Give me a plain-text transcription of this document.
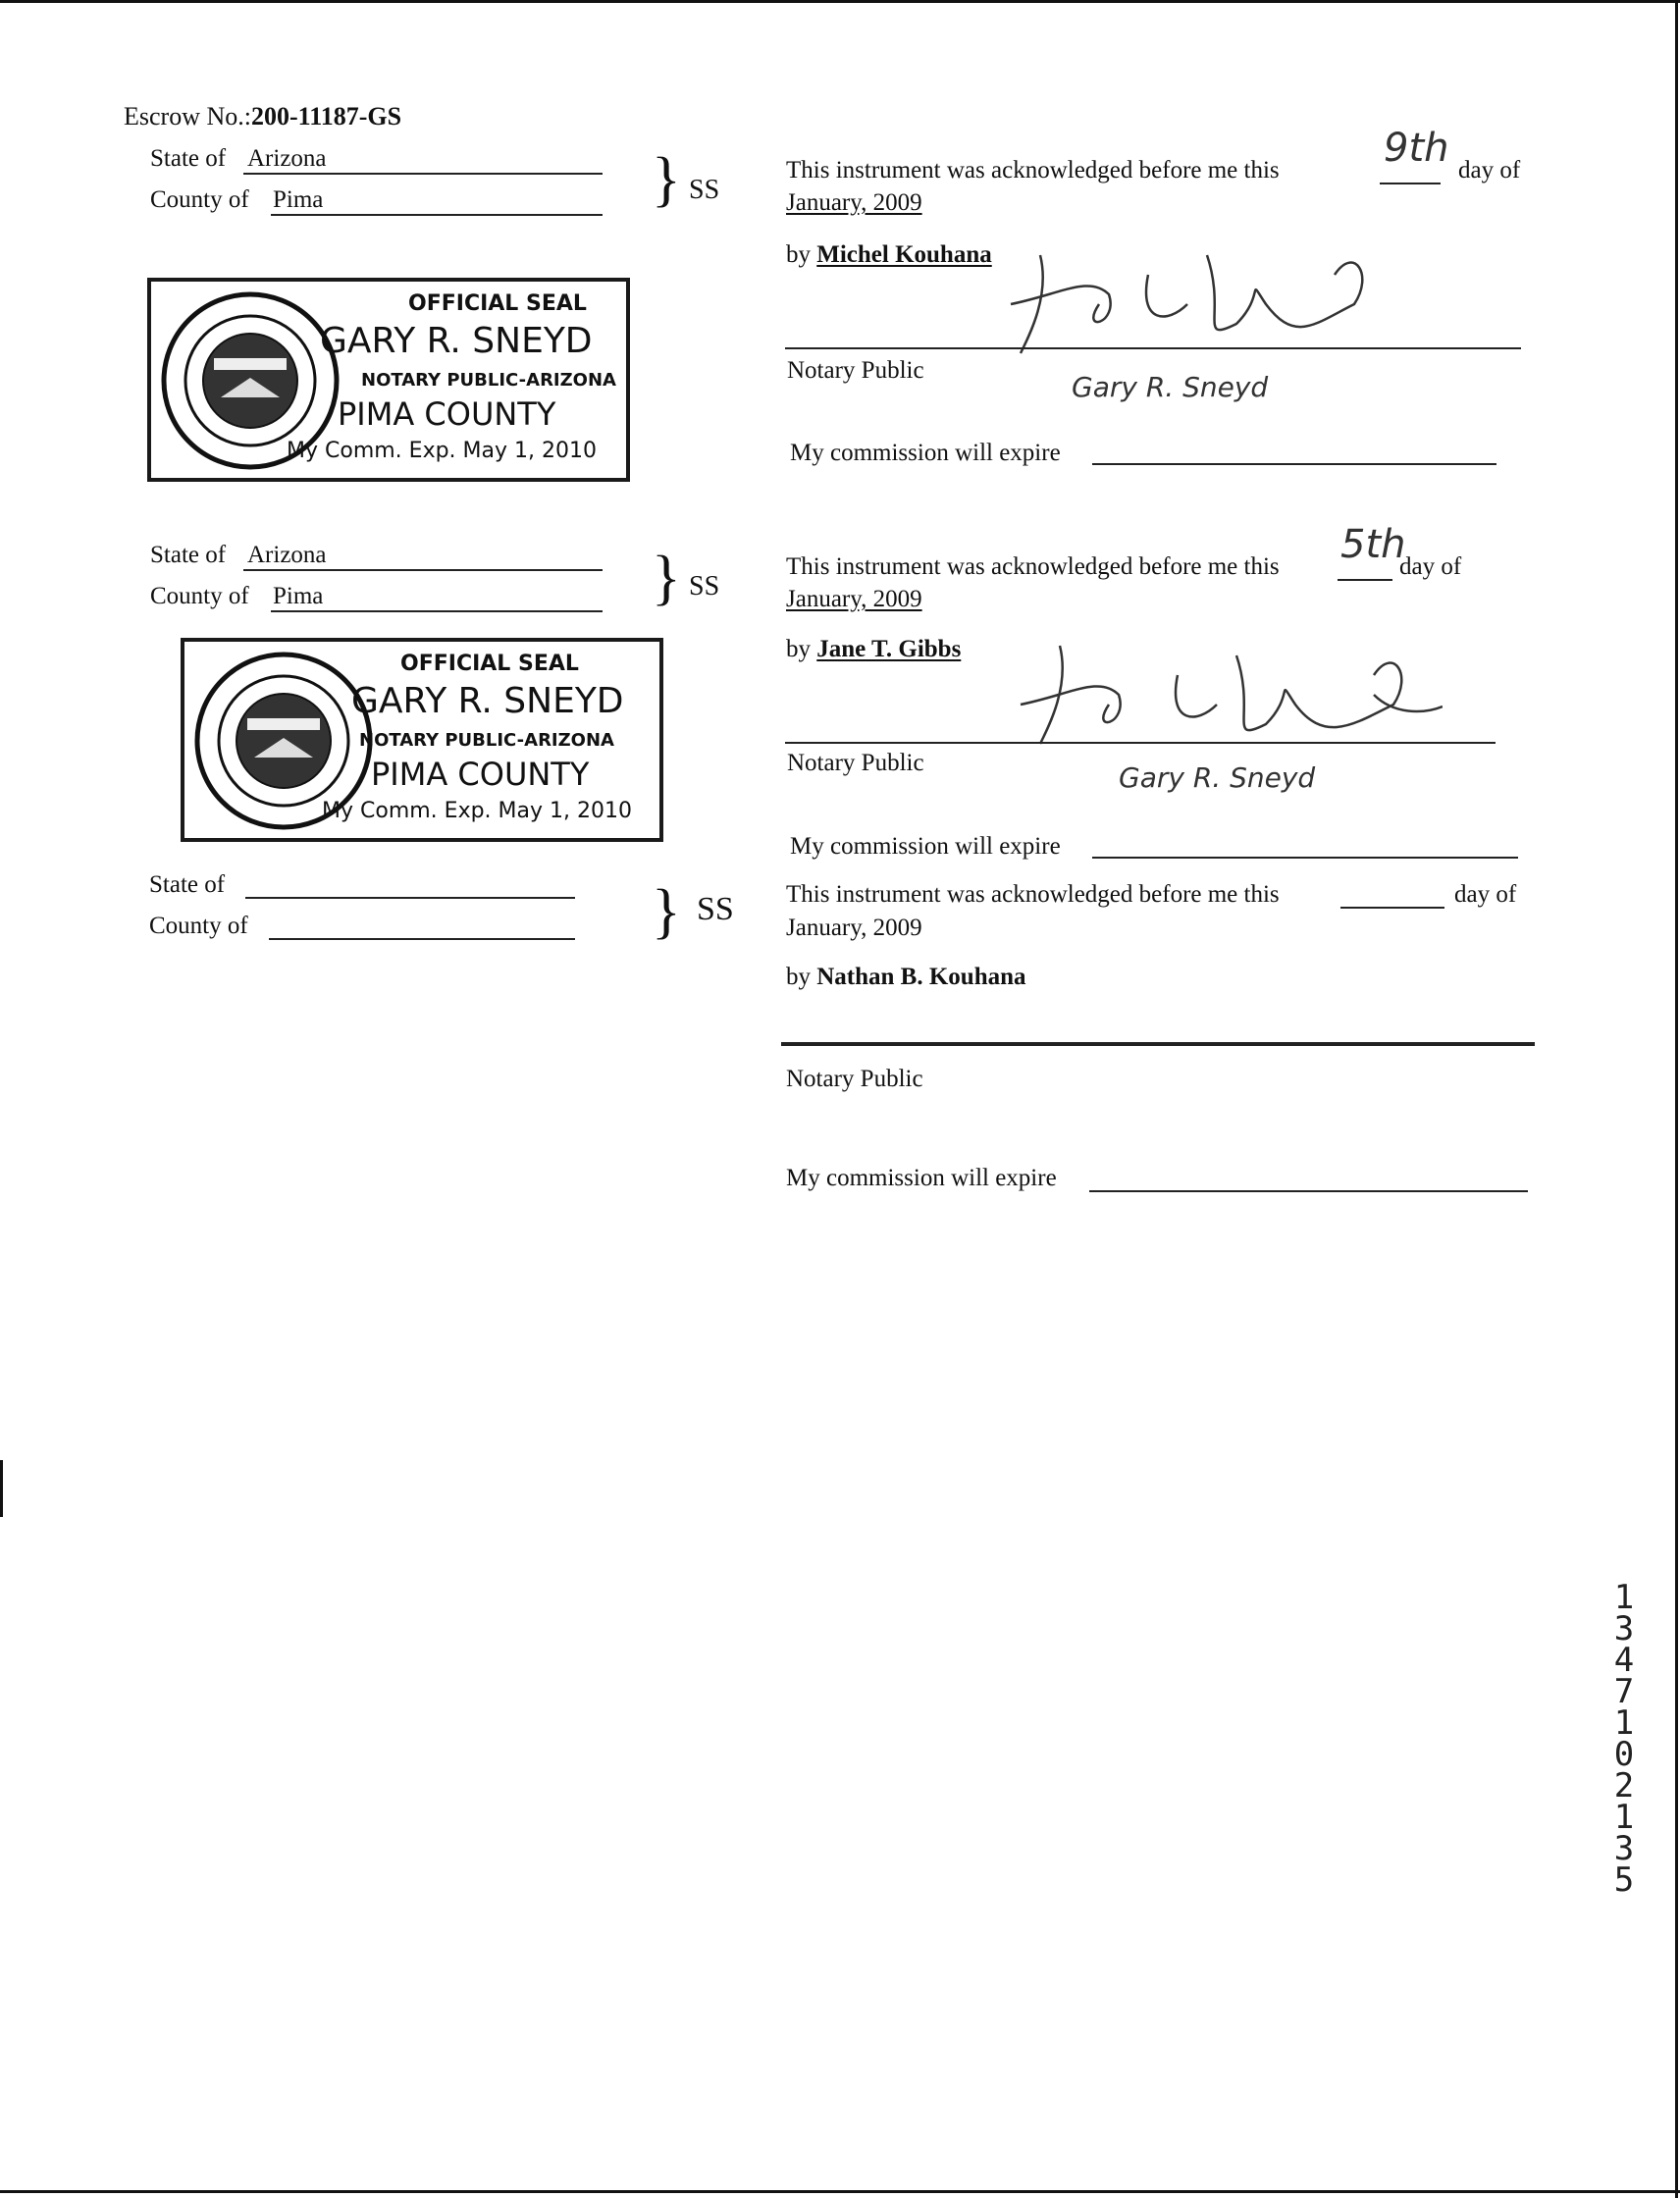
Escrow No.:200-11187-GS
State of Arizona
County of Pima	} SS
This instrument was acknowledged before me this	9th day of
January, 2009
by Michel Kouhana
Notary Public
Gary R. Sneyd
My commission will expire
OFFICIAL SEAL
GARY R. SNEYD
NOTARY PUBLIC-ARIZONA
PIMA COUNTY
My Comm. Exp. May 1, 2010
State of Arizona
County of Pima	} SS
This instrument was acknowledged before me this 5th
day of
January, 2009
by Jane T. Gibbs
Notary Public	Gary R. Sneyd
My commission will expire
OFFICIAL SEAL
GARY R. SNEYD
NOTARY PUBLIC-ARIZONA
PIMA COUNTY
My Comm. Exp. May 1, 2010
State of
County of	} SS This instrument was acknowledged before me this	day of
January, 2009
by Nathan B. Kouhana
Notary Public
My commission will expire
13471 02135
